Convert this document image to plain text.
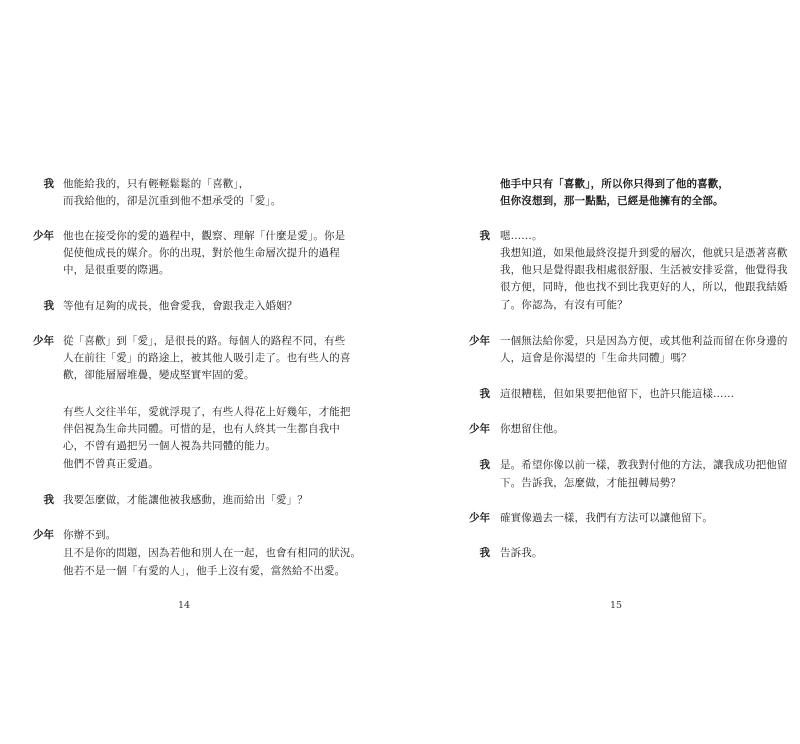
我 他能給我的，只有輕輕鬆鬆的「喜歡」，
而我給他的，卻是沉重到他不想承受的「愛」。
少年 他也在接受你的愛的過程中，觀察、理解「什麼是愛」。你是
促使他成長的媒介。你的出現，對於他生命層次提升的過程
中，是很重要的際遇。
我 等他有足夠的成長，他會愛我，會跟我走入婚姻？
少年 從「喜歡」到「愛」，是很長的路。每個人的路程不同，有些
人在前往「愛」的路途上，被其他人吸引走了。也有些人的喜
歡，卻能層層堆疊，變成堅實牢固的愛。
有些人交往半年，愛就浮現了，有些人得花上好幾年，才能把
伴侶視為生命共同體。可惜的是，也有人終其一生都自我中
心，不曾有過把另一個人視為共同體的能力。
他們不曾真正愛過。
我 我要怎麼做，才能讓他被我感動，進而給出「愛」？
少年 你辦不到。
且不是你的問題，因為若他和別人在一起，也會有相同的狀況。
他若不是一個「有愛的人」，他手上沒有愛，當然給不出愛。
14
他手中只有「喜歡」，所以你只得到了他的喜歡，
但你沒想到，那一點點，已經是他擁有的全部。
我 嗯……。
我想知道，如果他最終沒提升到愛的層次，他就只是憑著喜歡
我，他只是覺得跟我相處很舒服、生活被安排妥當，他覺得我
很方便，同時，他也找不到比我更好的人，所以，他跟我結婚
了。你認為，有沒有可能？
少年 一個無法給你愛，只是因為方便，或其他利益而留在你身邊的
人，這會是你渴望的「生命共同體」嗎？
我 這很糟糕，但如果要把他留下，也許只能這樣……
少年 你想留住他。
我 是。希望你像以前一樣，教我對付他的方法，讓我成功把他留
下。告訴我，怎麼做，才能扭轉局勢？
少年 確實像過去一樣，我們有方法可以讓他留下。
我 告訴我。
15
